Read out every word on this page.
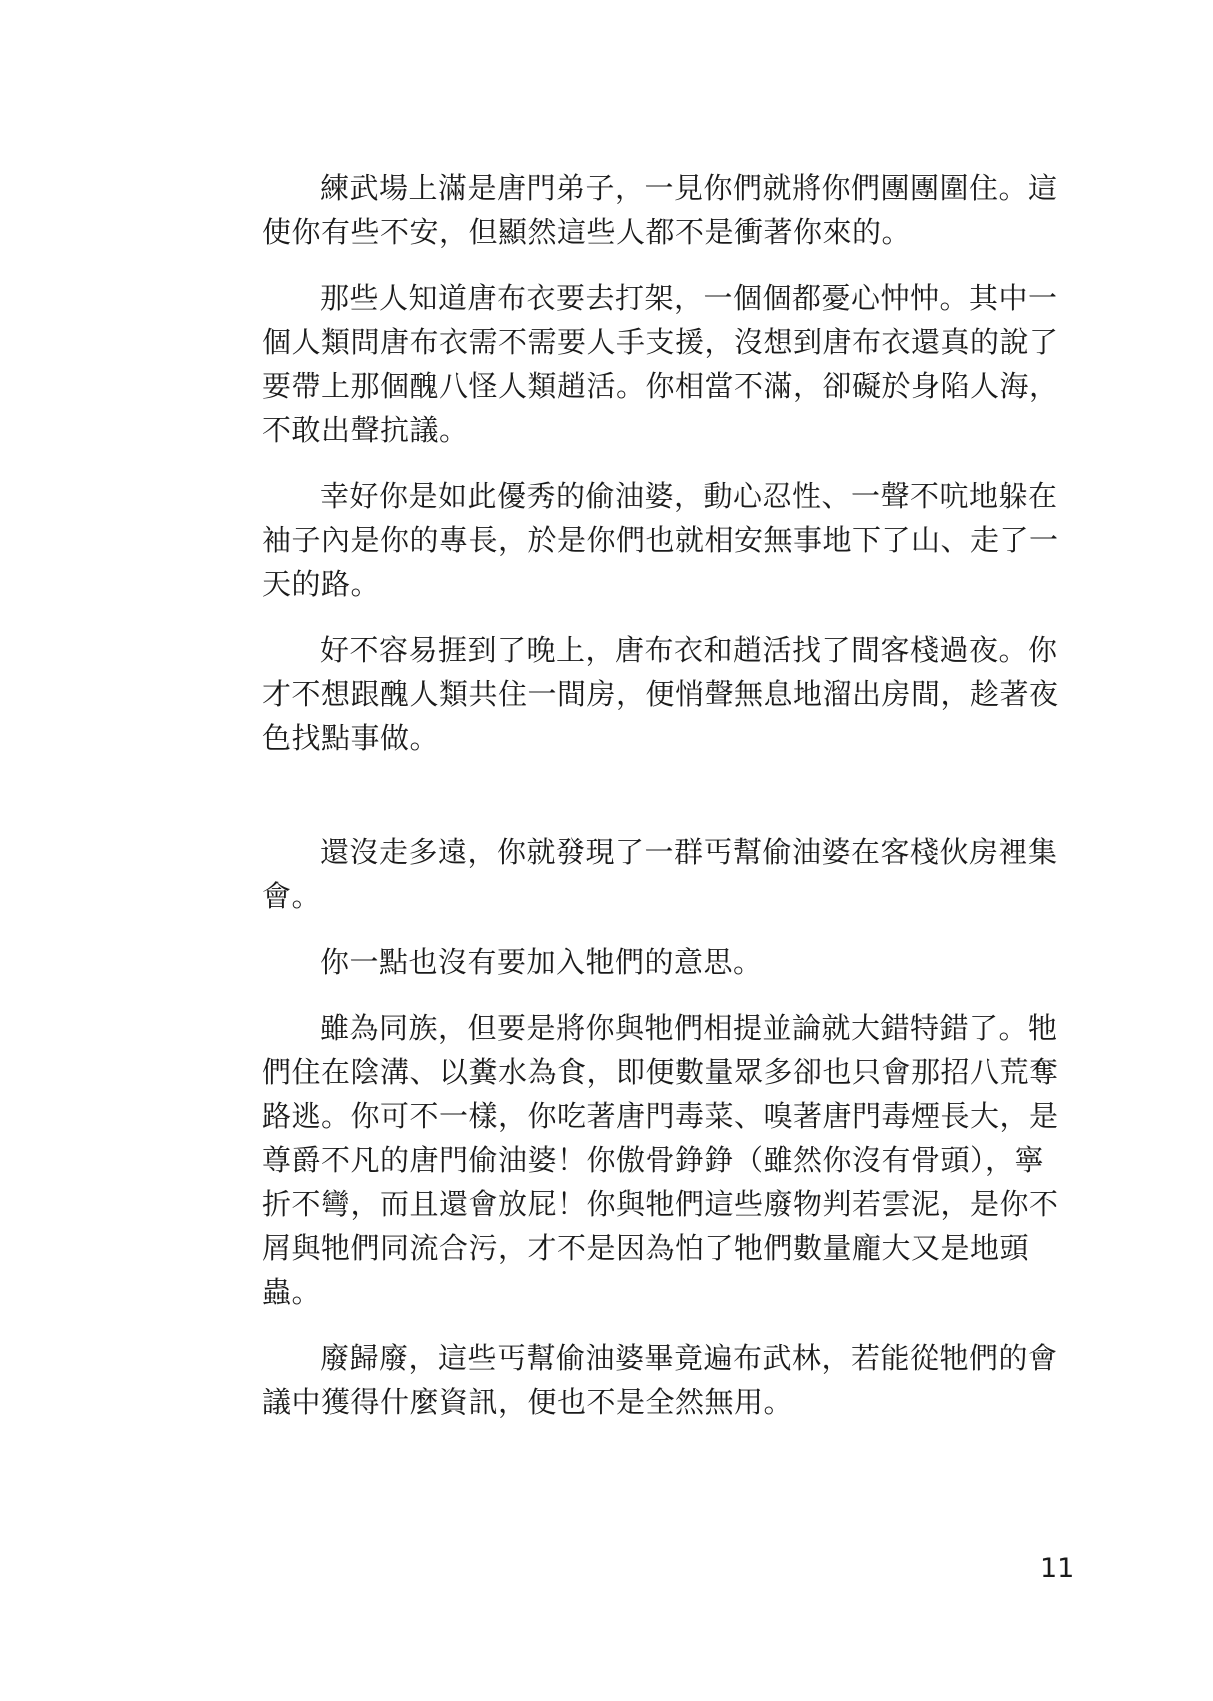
練武場上滿是唐門弟子，一見你們就將你們團團圍住。這使你有些不安，但顯然這些人都不是衝著你來的。

那些人知道唐布衣要去打架，一個個都憂心忡忡。其中一個人類問唐布衣需不需要人手支援，沒想到唐布衣還真的說了要帶上那個醜八怪人類趙活。你相當不滿，卻礙於身陷人海，不敢出聲抗議。

幸好你是如此優秀的偷油婆，動心忍性、一聲不吭地躲在袖子內是你的專長，於是你們也就相安無事地下了山、走了一天的路。

好不容易捱到了晚上，唐布衣和趙活找了間客棧過夜。你才不想跟醜人類共住一間房，便悄聲無息地溜出房間，趁著夜色找點事做。

還沒走多遠，你就發現了一群丐幫偷油婆在客棧伙房裡集會。

你一點也沒有要加入牠們的意思。

雖為同族，但要是將你與牠們相提並論就大錯特錯了。牠們住在陰溝、以糞水為食，即便數量眾多卻也只會那招八荒奪路逃。你可不一樣，你吃著唐門毒菜、嗅著唐門毒煙長大，是尊爵不凡的唐門偷油婆！你傲骨錚錚（雖然你沒有骨頭），寧折不彎，而且還會放屁！你與牠們這些廢物判若雲泥，是你不屑與牠們同流合污，才不是因為怕了牠們數量龐大又是地頭蟲。

廢歸廢，這些丐幫偷油婆畢竟遍布武林，若能從牠們的會議中獲得什麼資訊，便也不是全然無用。

11
